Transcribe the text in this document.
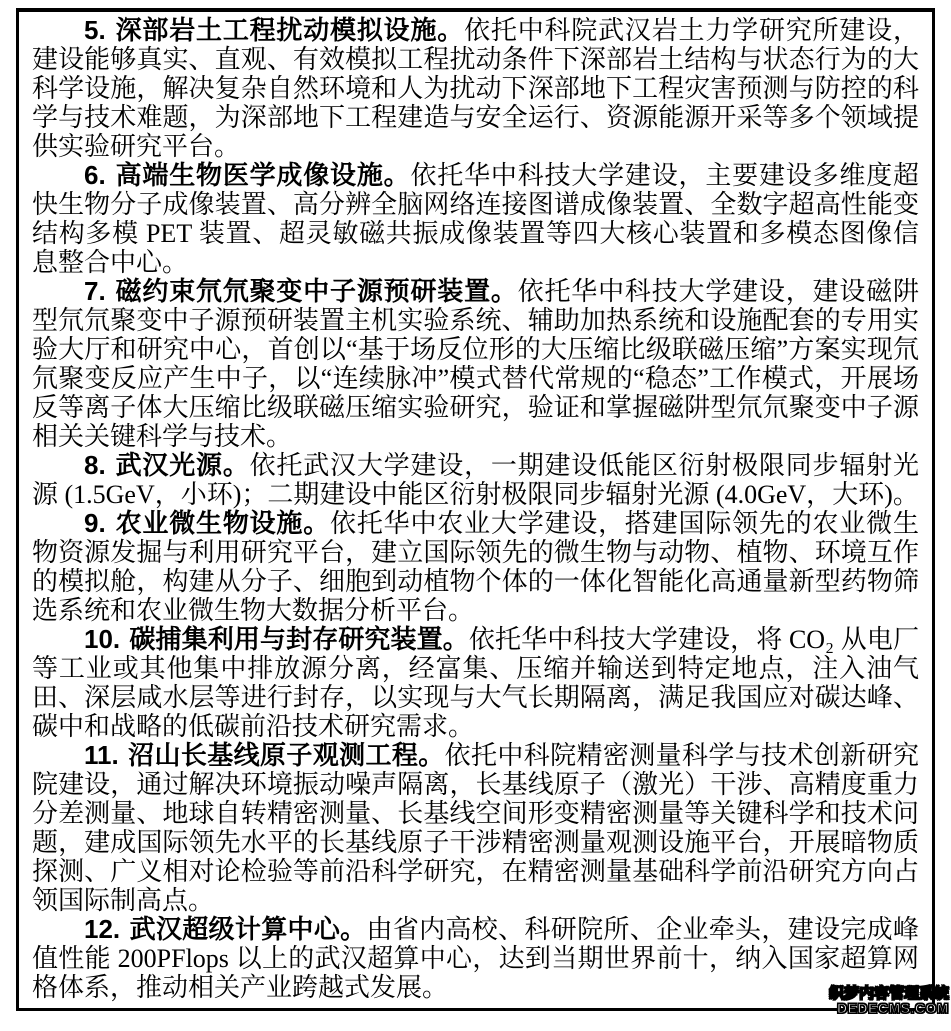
5. 深部岩土工程扰动模拟设施。依托中科院武汉岩土力学研究所建设，建设能够真实、直观、有效模拟工程扰动条件下深部岩土结构与状态行为的大科学设施，解决复杂自然环境和人为扰动下深部地下工程灾害预测与防控的科学与技术难题，为深部地下工程建造与安全运行、资源能源开采等多个领域提供实验研究平台。

6. 高端生物医学成像设施。依托华中科技大学建设，主要建设多维度超快生物分子成像装置、高分辨全脑网络连接图谱成像装置、全数字超高性能变结构多模 PET 装置、超灵敏磁共振成像装置等四大核心装置和多模态图像信息整合中心。

7. 磁约束氘氘聚变中子源预研装置。依托华中科技大学建设，建设磁阱型氘氘聚变中子源预研装置主机实验系统、辅助加热系统和设施配套的专用实验大厅和研究中心，首创以“基于场反位形的大压缩比级联磁压缩”方案实现氘氘聚变反应产生中子，以“连续脉冲”模式替代常规的“稳态”工作模式，开展场反等离子体大压缩比级联磁压缩实验研究，验证和掌握磁阱型氘氘聚变中子源相关关键科学与技术。

8. 武汉光源。依托武汉大学建设，一期建设低能区衍射极限同步辐射光源 (1.5GeV，小环)；二期建设中能区衍射极限同步辐射光源 (4.0GeV，大环)。

9. 农业微生物设施。依托华中农业大学建设，搭建国际领先的农业微生物资源发掘与利用研究平台，建立国际领先的微生物与动物、植物、环境互作的模拟舱，构建从分子、细胞到动植物个体的一体化智能化高通量新型药物筛选系统和农业微生物大数据分析平台。

10. 碳捕集利用与封存研究装置。依托华中科技大学建设，将 CO₂ 从电厂等工业或其他集中排放源分离，经富集、压缩并输送到特定地点，注入油气田、深层咸水层等进行封存，以实现与大气长期隔离，满足我国应对碳达峰、碳中和战略的低碳前沿技术研究需求。

11. 沼山长基线原子观测工程。依托中科院精密测量科学与技术创新研究院建设，通过解决环境振动噪声隔离，长基线原子（激光）干涉、高精度重力分差测量、地球自转精密测量、长基线空间形变精密测量等关键科学和技术问题，建成国际领先水平的长基线原子干涉精密测量观测设施平台，开展暗物质探测、广义相对论检验等前沿科学研究，在精密测量基础科学前沿研究方向占领国际制高点。

12. 武汉超级计算中心。由省内高校、科研院所、企业牵头，建设完成峰值性能 200PFlops 以上的武汉超算中心，达到当期世界前十，纳入国家超算网格体系，推动相关产业跨越式发展。	织梦内容管理系统
DEDECMS.COM
